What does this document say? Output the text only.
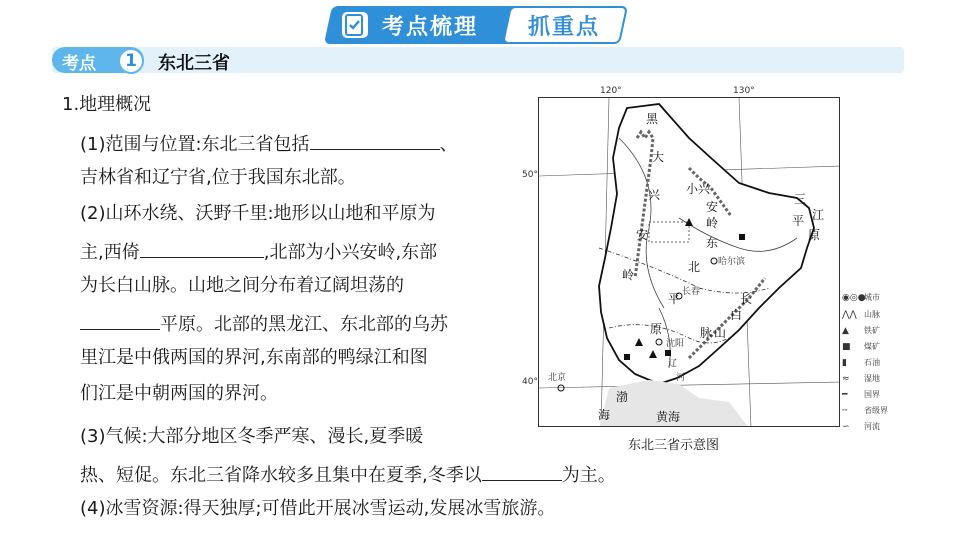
考点梳理 抓重点
考点	1	东北三省
1.地理概况
(1)范围与位置:东北三省包括	、
吉林省和辽宁省,位于我国东北部。
(2)山环水绕、沃野千里:地形以山地和平原为
主,西倚	,北部为小兴安岭,东部
为长白山脉。山地之间分布着辽阔坦荡的
平原。北部的黑龙江、东北部的乌苏
里江是中俄两国的界河,东南部的鸭绿江和图
们江是中朝两国的界河。
(3)气候:大部分地区冬季严寒、漫长,夏季暖
热、短促。东北三省降水较多且集中在夏季,冬季以	为主。
(4)冰雪资源:得天独厚;可借此开展冰雪运动,发展冰雪旅游。
120°	130°
50°
40°
黑
大
兴
安
岭
小兴
安
岭
东
北
平
原
哈尔滨
长春
沈阳
北京
长
白
山
脉
三
江
平
原
渤
海	黄海
辽
河
◉◎●城市
⋀⋀ 山脉
▲ 铁矿
■ 煤矿
▮ 石油
≈ 湿地
━ 国界
╌ 省级界
∽ 河流
东北三省示意图
